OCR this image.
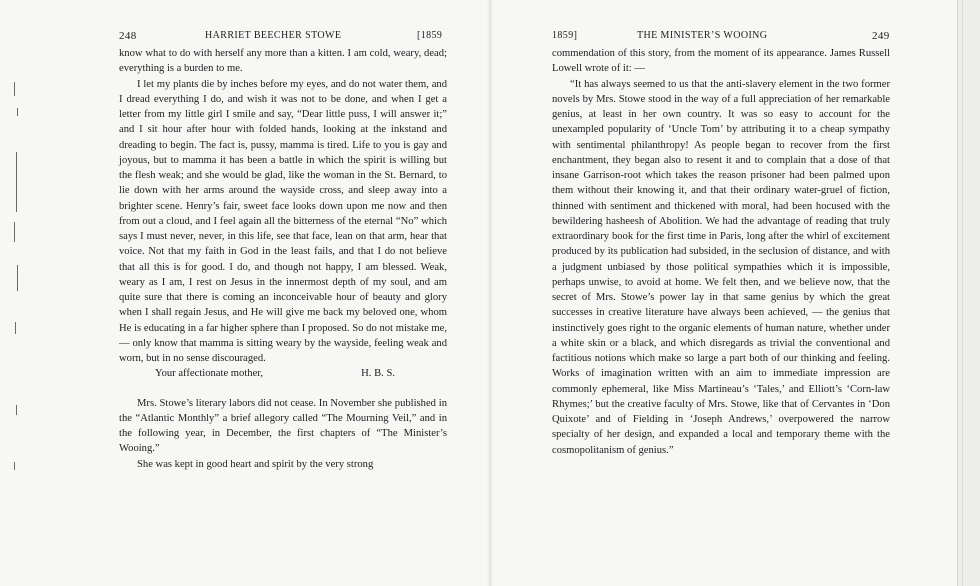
248	HARRIET BEECHER STOWE	[1859

know what to do with herself any more than a kitten. I am cold, weary, dead; everything is a burden to me.

I let my plants die by inches before my eyes, and do not water them, and I dread everything I do, and wish it was not to be done, and when I get a letter from my little girl I smile and say, “Dear little puss, I will answer it;” and I sit hour after hour with folded hands, looking at the inkstand and dreading to begin. The fact is, pussy, mamma is tired. Life to you is gay and joyous, but to mamma it has been a battle in which the spirit is willing but the flesh weak; and she would be glad, like the woman in the St. Bernard, to lie down with her arms around the wayside cross, and sleep away into a brighter scene. Henry’s fair, sweet face looks down upon me now and then from out a cloud, and I feel again all the bitterness of the eternal “No” which says I must never, never, in this life, see that face, lean on that arm, hear that voice. Not that my faith in God in the least fails, and that I do not believe that all this is for good. I do, and though not happy, I am blessed. Weak, weary as I am, I rest on Jesus in the innermost depth of my soul, and am quite sure that there is coming an inconceivable hour of beauty and glory when I shall regain Jesus, and He will give me back my beloved one, whom He is educating in a far higher sphere than I proposed. So do not mistake me, — only know that mamma is sitting weary by the wayside, feeling weak and worn, but in no sense discouraged.

Your affectionate mother,	H. B. S.

Mrs. Stowe’s literary labors did not cease. In November she published in the “Atlantic Monthly” a brief allegory called “The Mourning Veil,” and in the following year, in December, the first chapters of “The Minister’s Wooing.”

She was kept in good heart and spirit by the very strong

1859]	THE MINISTER’S WOOING	249

commendation of this story, from the moment of its appearance. James Russell Lowell wrote of it: —

“It has always seemed to us that the anti-slavery element in the two former novels by Mrs. Stowe stood in the way of a full appreciation of her remarkable genius, at least in her own country. It was so easy to account for the unexampled popularity of ‘Uncle Tom’ by attributing it to a cheap sympathy with sentimental philanthropy! As people began to recover from the first enchantment, they began also to resent it and to complain that a dose of that insane Garrison-root which takes the reason prisoner had been palmed upon them without their knowing it, and that their ordinary water-gruel of fiction, thinned with sentiment and thickened with moral, had been hocused with the bewildering hasheesh of Abolition. We had the advantage of reading that truly extraordinary book for the first time in Paris, long after the whirl of excitement produced by its publication had subsided, in the seclusion of distance, and with a judgment unbiased by those political sympathies which it is impossible, perhaps unwise, to avoid at home. We felt then, and we believe now, that the secret of Mrs. Stowe’s power lay in that same genius by which the great successes in creative literature have always been achieved, — the genius that instinctively goes right to the organic elements of human nature, whether under a white skin or a black, and which disregards as trivial the conventional and factitious notions which make so large a part both of our thinking and feeling. Works of imagination written with an aim to immediate impression are commonly ephemeral, like Miss Martineau’s ‘Tales,’ and Elliott’s ‘Corn-law Rhymes;’ but the creative faculty of Mrs. Stowe, like that of Cervantes in ‘Don Quixote’ and of Fielding in ‘Joseph Andrews,’ overpowered the narrow specialty of her design, and expanded a local and temporary theme with the cosmopolitanism of genius.”
